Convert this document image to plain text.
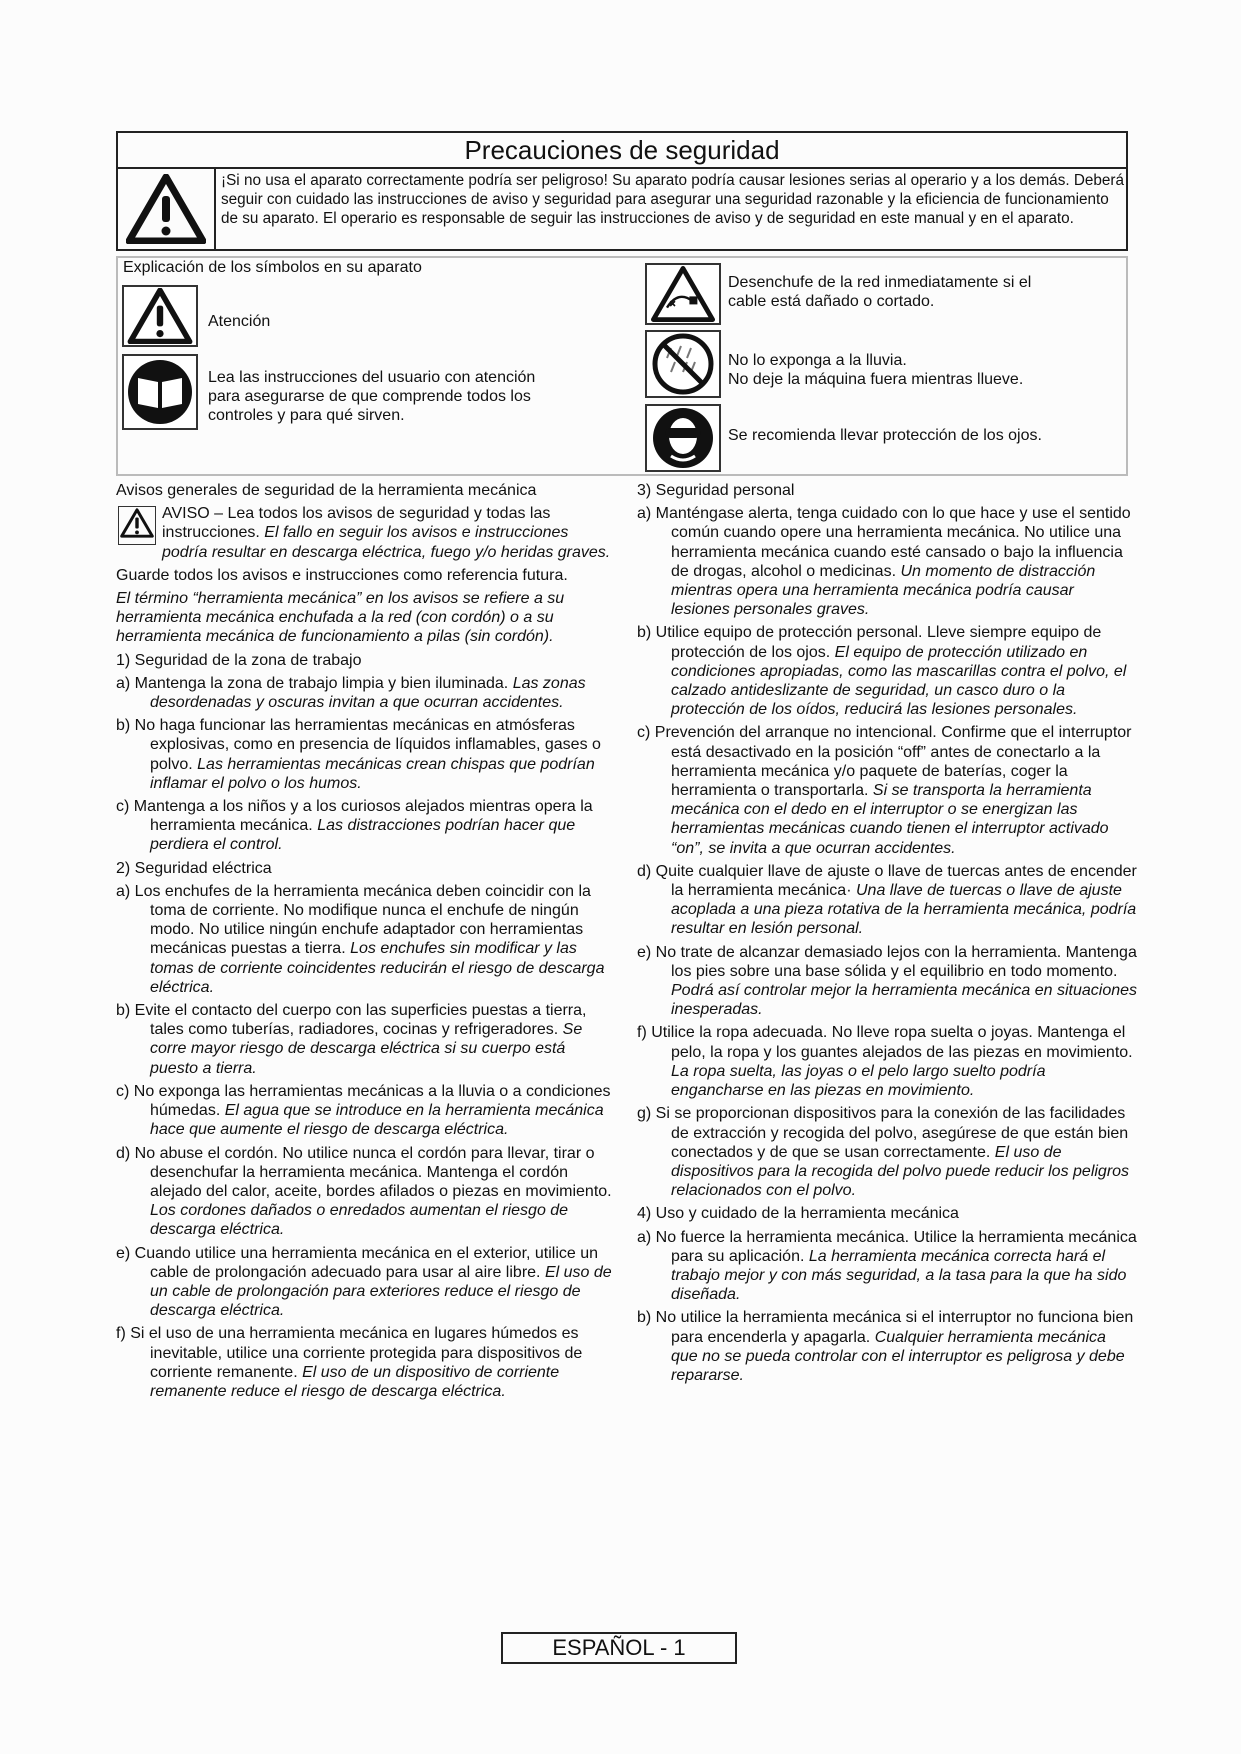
Precauciones de seguridad
¡Si no usa el aparato correctamente podría ser peligroso! Su aparato podría causar lesiones serias al operario y a los demás. Deberá seguir con cuidado las instrucciones de aviso y seguridad para asegurar una seguridad razonable y la eficiencia de funcionamiento de su aparato. El operario es responsable de seguir las instrucciones de aviso y de seguridad en este manual y en el aparato.
Explicación de los símbolos en su aparato
Atención
Lea las instrucciones del usuario con atención
para asegurarse de que comprende todos los
controles y para qué sirven.
Desenchufe de la red inmediatamente si el
cable está dañado o cortado.
No lo exponga a la lluvia.
No deje la máquina fuera mientras llueve.
Se recomienda llevar protección de los ojos.
Avisos generales de seguridad de la herramienta mecánica
AVISO – Lea todos los avisos de seguridad y todas las instrucciones. El fallo en seguir los avisos e instrucciones podría resultar en descarga eléctrica, fuego y/o heridas graves.
Guarde todos los avisos e instrucciones como referencia futura.
El término “herramienta mecánica” en los avisos se refiere a su herramienta mecánica enchufada a la red (con cordón) o a su herramienta mecánica de funcionamiento a pilas (sin cordón).
1) Seguridad de la zona de trabajo
a) Mantenga la zona de trabajo limpia y bien iluminada. Las zonas desordenadas y oscuras invitan a que ocurran accidentes.
b) No haga funcionar las herramientas mecánicas en atmósferas explosivas, como en presencia de líquidos inflamables, gases o polvo. Las herramientas mecánicas crean chispas que podrían inflamar el polvo o los humos.
c) Mantenga a los niños y a los curiosos alejados mientras opera la herramienta mecánica. Las distracciones podrían hacer que perdiera el control.
2) Seguridad eléctrica
a) Los enchufes de la herramienta mecánica deben coincidir con la toma de corriente. No modifique nunca el enchufe de ningún modo. No utilice ningún enchufe adaptador con herramientas mecánicas puestas a tierra. Los enchufes sin modificar y las tomas de corriente coincidentes reducirán el riesgo de descarga eléctrica.
b) Evite el contacto del cuerpo con las superficies puestas a tierra, tales como tuberías, radiadores, cocinas y refrigeradores. Se corre mayor riesgo de descarga eléctrica si su cuerpo está puesto a tierra.
c) No exponga las herramientas mecánicas a la lluvia o a condiciones húmedas. El agua que se introduce en la herramienta mecánica hace que aumente el riesgo de descarga eléctrica.
d) No abuse el cordón. No utilice nunca el cordón para llevar, tirar o desenchufar la herramienta mecánica. Mantenga el cordón alejado del calor, aceite, bordes afilados o piezas en movimiento. Los cordones dañados o enredados aumentan el riesgo de descarga eléctrica.
e) Cuando utilice una herramienta mecánica en el exterior, utilice un cable de prolongación adecuado para usar al aire libre. El uso de un cable de prolongación para exteriores reduce el riesgo de descarga eléctrica.
f) Si el uso de una herramienta mecánica en lugares húmedos es inevitable, utilice una corriente protegida para dispositivos de corriente remanente. El uso de un dispositivo de corriente remanente reduce el riesgo de descarga eléctrica.
3) Seguridad personal
a) Manténgase alerta, tenga cuidado con lo que hace y use el sentido común cuando opere una herramienta mecánica. No utilice una herramienta mecánica cuando esté cansado o bajo la influencia de drogas, alcohol o medicinas. Un momento de distracción mientras opera una herramienta mecánica podría causar lesiones personales graves.
b) Utilice equipo de protección personal. Lleve siempre equipo de protección de los ojos. El equipo de protección utilizado en condiciones apropiadas, como las mascarillas contra el polvo, el calzado antideslizante de seguridad, un casco duro o la protección de los oídos, reducirá las lesiones personales.
c) Prevención del arranque no intencional. Confirme que el interruptor está desactivado en la posición “off” antes de conectarlo a la herramienta mecánica y/o paquete de baterías, coger la herramienta o transportarla. Si se transporta la herramienta mecánica con el dedo en el interruptor o se energizan las herramientas mecánicas cuando tienen el interruptor activado “on”, se invita a que ocurran accidentes.
d) Quite cualquier llave de ajuste o llave de tuercas antes de encender la herramienta mecánica· Una llave de tuercas o llave de ajuste acoplada a una pieza rotativa de la herramienta mecánica, podría resultar en lesión personal.
e) No trate de alcanzar demasiado lejos con la herramienta. Mantenga los pies sobre una base sólida y el equilibrio en todo momento. Podrá así controlar mejor la herramienta mecánica en situaciones inesperadas.
f) Utilice la ropa adecuada. No lleve ropa suelta o joyas. Mantenga el pelo, la ropa y los guantes alejados de las piezas en movimiento. La ropa suelta, las joyas o el pelo largo suelto podría engancharse en las piezas en movimiento.
g) Si se proporcionan dispositivos para la conexión de las facilidades de extracción y recogida del polvo, asegúrese de que están bien conectados y de que se usan correctamente. El uso de dispositivos para la recogida del polvo puede reducir los peligros relacionados con el polvo.
4) Uso y cuidado de la herramienta mecánica
a) No fuerce la herramienta mecánica. Utilice la herramienta mecánica para su aplicación. La herramienta mecánica correcta hará el trabajo mejor y con más seguridad, a la tasa para la que ha sido diseñada.
b) No utilice la herramienta mecánica si el interruptor no funciona bien para encenderla y apagarla. Cualquier herramienta mecánica que no se pueda controlar con el interruptor es peligrosa y debe repararse.
ESPAÑOL - 1
